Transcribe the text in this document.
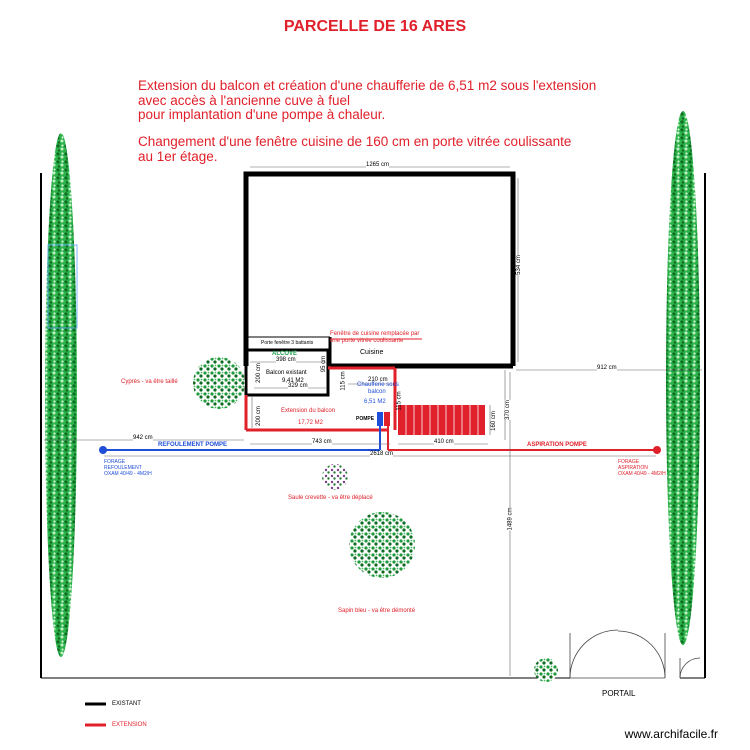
PARCELLE DE 16 ARES
Extension du balcon et création d'une chaufferie de 6,51 m2 sous l'extension
avec accès à l'ancienne cuve à fuel
pour implantation d'une pompe à chaleur.
Changement d'une fenêtre cuisine de 160 cm en porte vitrée coulissante
au 1er étage.
1265 cm
534 cm
912 cm
942 cm
743 cm	410 cm
2618 cm
1489 cm
398 cm
329 cm
200 cm
200 cm
115 cm
95 cm
210 cm
115 cm
160 cm
370 cm
Porte fenêtre 3 battants
ALCOVE
Balcon existant
9,41 M2
Cuisine
Fenêtre de cuisine remplacée par
une porte vitrée coulissante
Chaufferie sous
balcon
6,51 M2
Extension du balcon
17,72 M2
POMPE
REFOULEMENT POMPE	ASPIRATION POMPE
FORAGE
REFOULEMENT
OXAM 40/49 - 4M2/H
FORAGE
ASPIRATION
OXAM 40/49 - 4M2/H
Cyprès - va être taillé
Saule crevette - va être déplacé
Sapin bleu - va être démonté
PORTAIL
EXISTANT
EXTENSION
www.archifacile.fr
